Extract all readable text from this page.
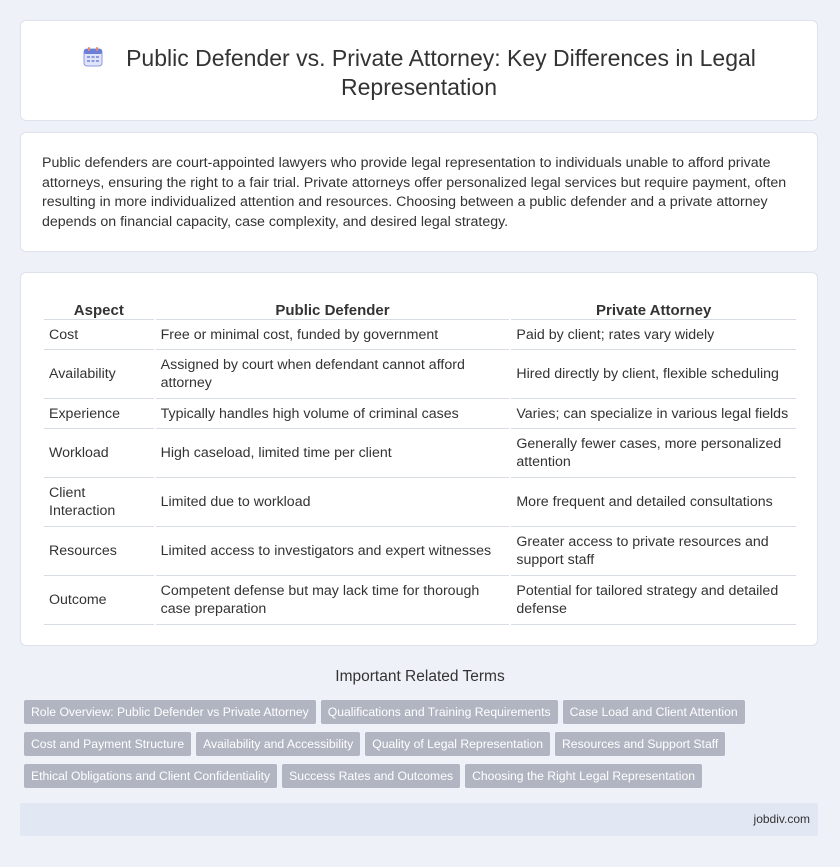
Public Defender vs. Private Attorney: Key Differences in Legal Representation
Public defenders are court-appointed lawyers who provide legal representation to individuals unable to afford private attorneys, ensuring the right to a fair trial. Private attorneys offer personalized legal services but require payment, often resulting in more individualized attention and resources. Choosing between a public defender and a private attorney depends on financial capacity, case complexity, and desired legal strategy.
Aspect	Public Defender	Private Attorney
Cost	Free or minimal cost, funded by government	Paid by client; rates vary widely
Availability	Assigned by court when defendant cannot afford attorney	Hired directly by client, flexible scheduling
Experience	Typically handles high volume of criminal cases	Varies; can specialize in various legal fields
Workload	High caseload, limited time per client	Generally fewer cases, more personalized attention
Client Interaction	Limited due to workload	More frequent and detailed consultations
Resources	Limited access to investigators and expert witnesses	Greater access to private resources and support staff
Outcome	Competent defense but may lack time for thorough case preparation	Potential for tailored strategy and detailed defense
Important Related Terms
Role Overview: Public Defender vs Private Attorney Qualifications and Training Requirements Case Load and Client Attention
Cost and Payment Structure Availability and Accessibility Quality of Legal Representation Resources and Support Staff
Ethical Obligations and Client Confidentiality Success Rates and Outcomes Choosing the Right Legal Representation
jobdiv.com
